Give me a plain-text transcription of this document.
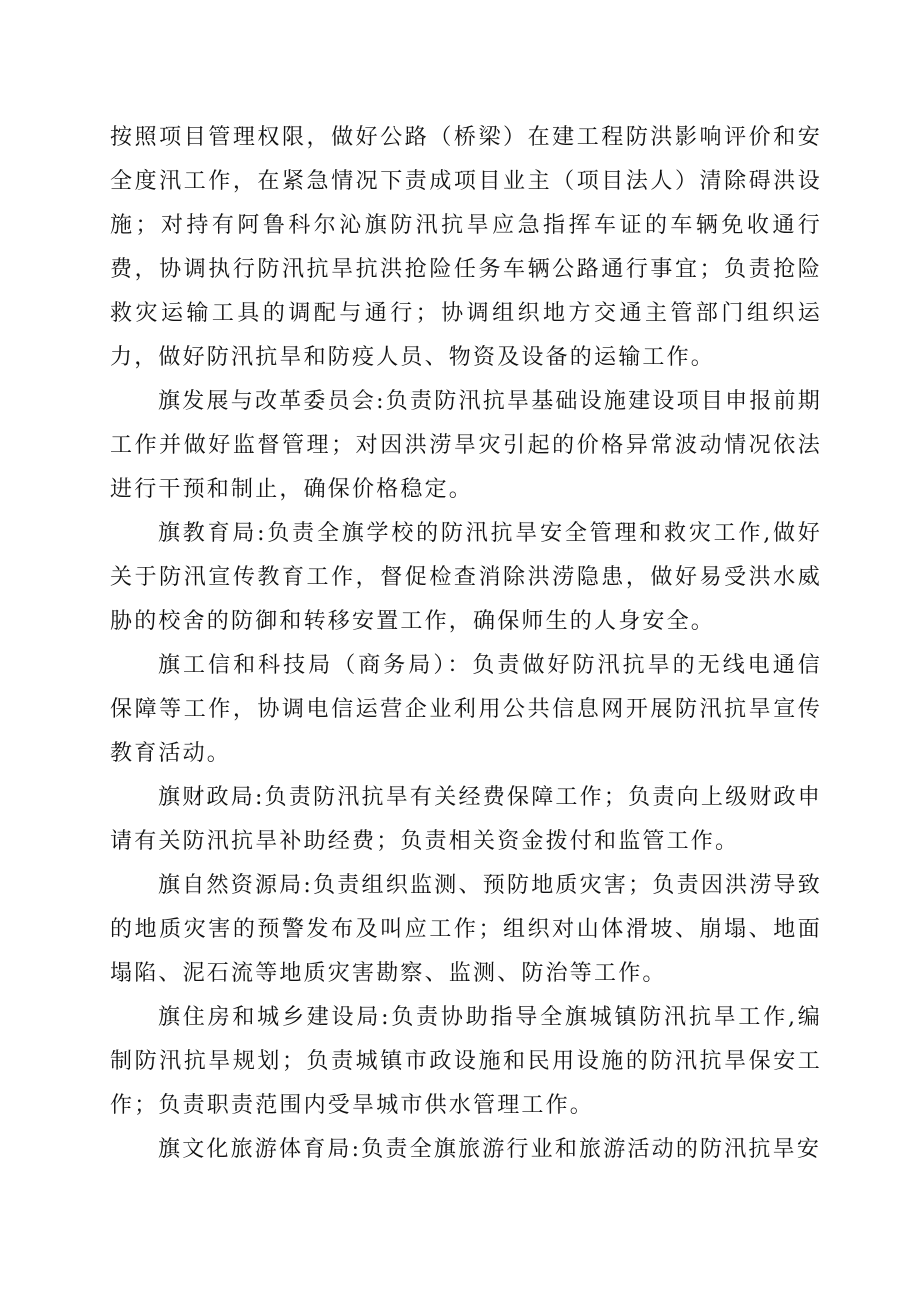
按照项目管理权限，做好公路（桥梁）在建工程防洪影响评价和安全度汛工作，在紧急情况下责成项目业主（项目法人）清除碍洪设施；对持有阿鲁科尔沁旗防汛抗旱应急指挥车证的车辆免收通行费，协调执行防汛抗旱抗洪抢险任务车辆公路通行事宜；负责抢险救灾运输工具的调配与通行；协调组织地方交通主管部门组织运力，做好防汛抗旱和防疫人员、物资及设备的运输工作。

旗发展与改革委员会:负责防汛抗旱基础设施建设项目申报前期工作并做好监督管理；对因洪涝旱灾引起的价格异常波动情况依法进行干预和制止，确保价格稳定。

旗教育局:负责全旗学校的防汛抗旱安全管理和救灾工作,做好关于防汛宣传教育工作，督促检查消除洪涝隐患，做好易受洪水威胁的校舍的防御和转移安置工作，确保师生的人身安全。

旗工信和科技局（商务局）：负责做好防汛抗旱的无线电通信保障等工作，协调电信运营企业利用公共信息网开展防汛抗旱宣传教育活动。

旗财政局:负责防汛抗旱有关经费保障工作；负责向上级财政申请有关防汛抗旱补助经费；负责相关资金拨付和监管工作。

旗自然资源局:负责组织监测、预防地质灾害；负责因洪涝导致的地质灾害的预警发布及叫应工作；组织对山体滑坡、崩塌、地面塌陷、泥石流等地质灾害勘察、监测、防治等工作。

旗住房和城乡建设局:负责协助指导全旗城镇防汛抗旱工作,编制防汛抗旱规划；负责城镇市政设施和民用设施的防汛抗旱保安工作；负责职责范围内受旱城市供水管理工作。

旗文化旅游体育局:负责全旗旅游行业和旅游活动的防汛抗旱安
